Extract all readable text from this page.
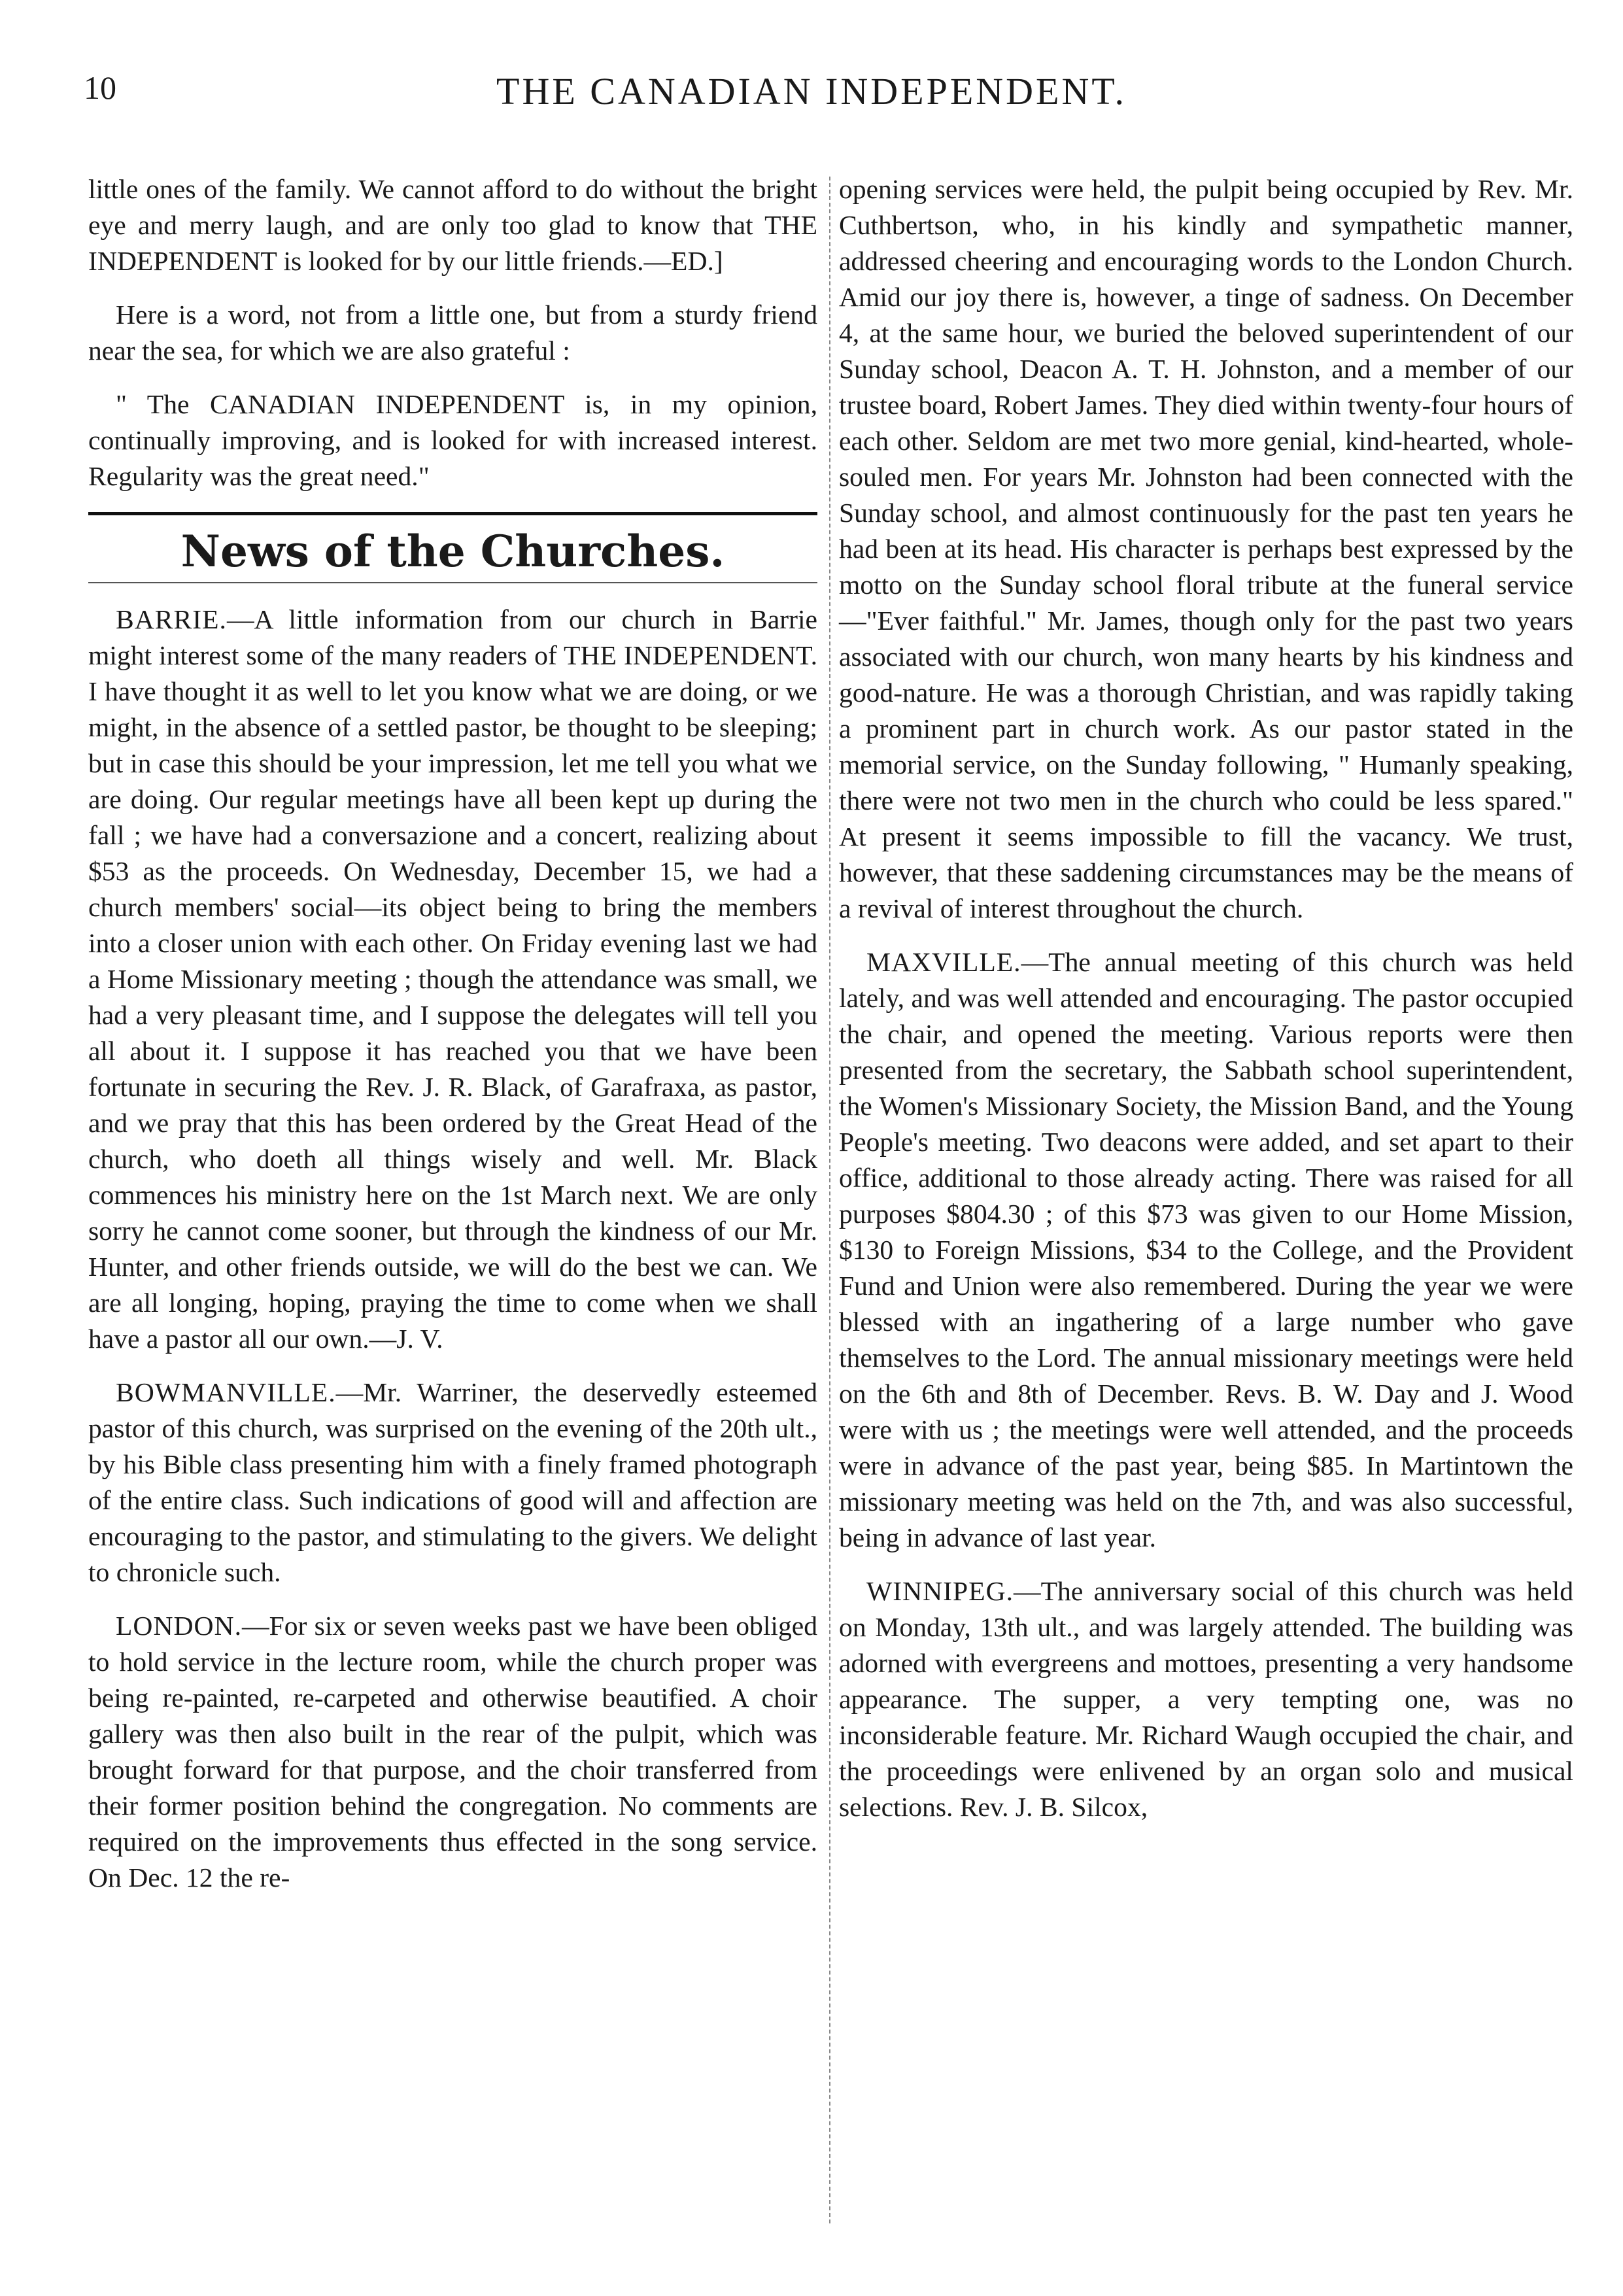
10	THE CANADIAN INDEPENDENT.

little ones of the family. We cannot afford to do without the bright eye and merry laugh, and are only too glad to know that THE INDEPENDENT is looked for by our little friends.—ED.]

Here is a word, not from a little one, but from a sturdy friend near the sea, for which we are also grateful :

" The CANADIAN INDEPENDENT is, in my opinion, continually improving, and is looked for with increased interest. Regularity was the great need."

News of the Churches.

BARRIE.—A little information from our church in Barrie might interest some of the many readers of THE INDEPENDENT. I have thought it as well to let you know what we are doing, or we might, in the absence of a settled pastor, be thought to be sleeping; but in case this should be your impression, let me tell you what we are doing. Our regular meetings have all been kept up during the fall ; we have had a conversazione and a concert, realizing about $53 as the proceeds. On Wednesday, December 15, we had a church members' social—its object being to bring the members into a closer union with each other. On Friday evening last we had a Home Missionary meeting ; though the attendance was small, we had a very pleasant time, and I suppose the delegates will tell you all about it. I suppose it has reached you that we have been fortunate in securing the Rev. J. R. Black, of Garafraxa, as pastor, and we pray that this has been ordered by the Great Head of the church, who doeth all things wisely and well. Mr. Black commences his ministry here on the 1st March next. We are only sorry he cannot come sooner, but through the kindness of our Mr. Hunter, and other friends outside, we will do the best we can. We are all longing, hoping, praying the time to come when we shall have a pastor all our own.—J. V.

BOWMANVILLE.—Mr. Warriner, the deservedly esteemed pastor of this church, was surprised on the evening of the 20th ult., by his Bible class presenting him with a finely framed photograph of the entire class. Such indications of good will and affection are encouraging to the pastor, and stimulating to the givers. We delight to chronicle such.

LONDON.—For six or seven weeks past we have been obliged to hold service in the lecture room, while the church proper was being re-painted, re-carpeted and otherwise beautified. A choir gallery was then also built in the rear of the pulpit, which was brought forward for that purpose, and the choir transferred from their former position behind the congregation. No comments are required on the improvements thus effected in the song service. On Dec. 12 the re-

opening services were held, the pulpit being occupied by Rev. Mr. Cuthbertson, who, in his kindly and sympathetic manner, addressed cheering and encouraging words to the London Church. Amid our joy there is, however, a tinge of sadness. On December 4, at the same hour, we buried the beloved superintendent of our Sunday school, Deacon A. T. H. Johnston, and a member of our trustee board, Robert James. They died within twenty-four hours of each other. Seldom are met two more genial, kind-hearted, whole-souled men. For years Mr. Johnston had been connected with the Sunday school, and almost continuously for the past ten years he had been at its head. His character is perhaps best expressed by the motto on the Sunday school floral tribute at the funeral service—"Ever faithful." Mr. James, though only for the past two years associated with our church, won many hearts by his kindness and good-nature. He was a thorough Christian, and was rapidly taking a prominent part in church work. As our pastor stated in the memorial service, on the Sunday following, " Humanly speaking, there were not two men in the church who could be less spared." At present it seems impossible to fill the vacancy. We trust, however, that these saddening circumstances may be the means of a revival of interest throughout the church.

MAXVILLE.—The annual meeting of this church was held lately, and was well attended and encouraging. The pastor occupied the chair, and opened the meeting. Various reports were then presented from the secretary, the Sabbath school superintendent, the Women's Missionary Society, the Mission Band, and the Young People's meeting. Two deacons were added, and set apart to their office, additional to those already acting. There was raised for all purposes $804.30 ; of this $73 was given to our Home Mission, $130 to Foreign Missions, $34 to the College, and the Provident Fund and Union were also remembered. During the year we were blessed with an ingathering of a large number who gave themselves to the Lord. The annual missionary meetings were held on the 6th and 8th of December. Revs. B. W. Day and J. Wood were with us ; the meetings were well attended, and the proceeds were in advance of the past year, being $85. In Martintown the missionary meeting was held on the 7th, and was also successful, being in advance of last year.

WINNIPEG.—The anniversary social of this church was held on Monday, 13th ult., and was largely attended. The building was adorned with evergreens and mottoes, presenting a very handsome appearance. The supper, a very tempting one, was no inconsiderable feature. Mr. Richard Waugh occupied the chair, and the proceedings were enlivened by an organ solo and musical selections. Rev. J. B. Silcox,
